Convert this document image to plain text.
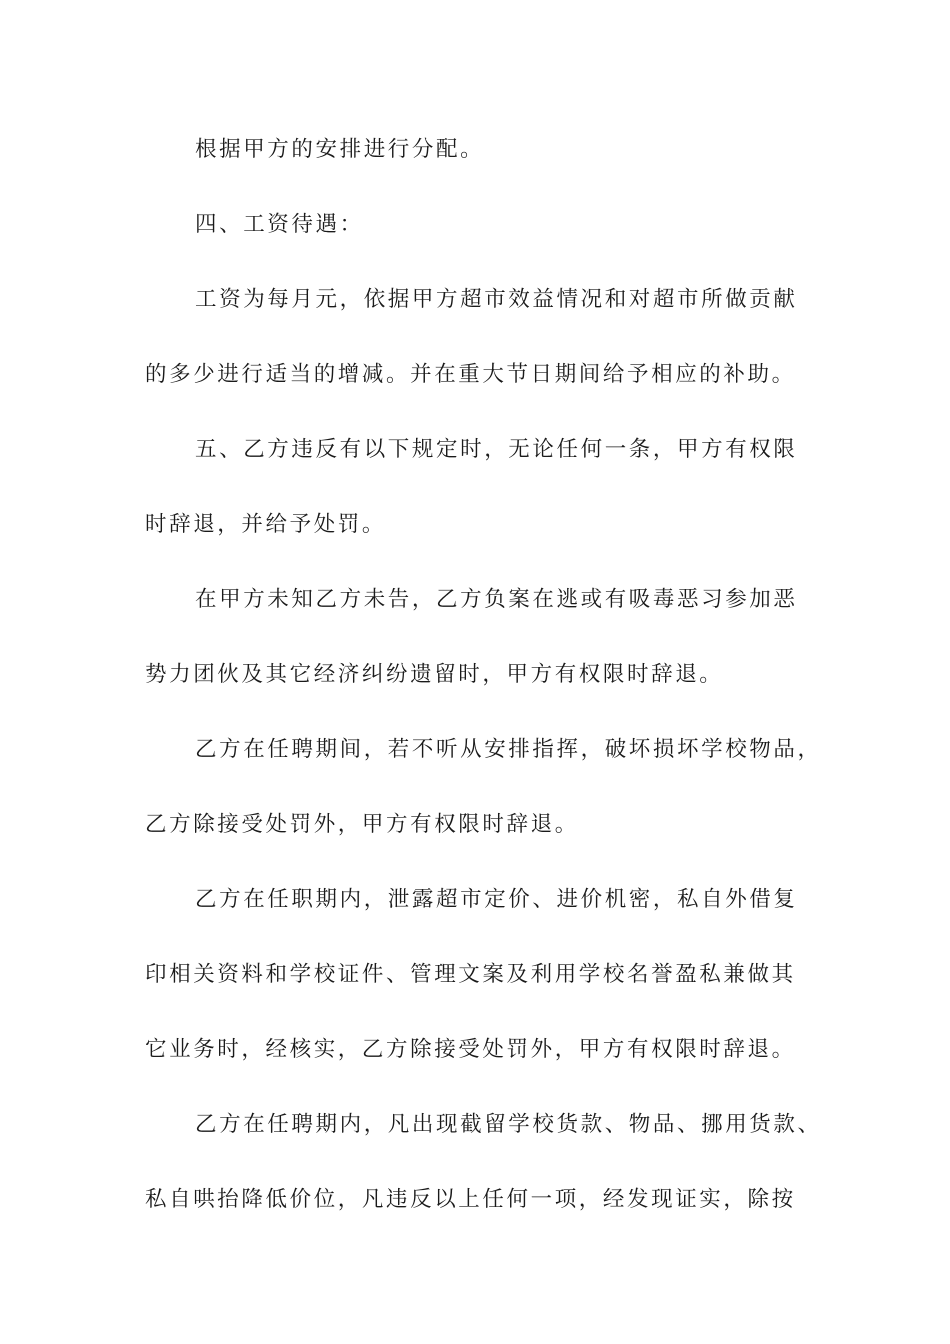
根据甲方的安排进行分配。
四、工资待遇：
工资为每月元，依据甲方超市效益情况和对超市所做贡献
的多少进行适当的增减。并在重大节日期间给予相应的补助。
五、乙方违反有以下规定时，无论任何一条，甲方有权限
时辞退，并给予处罚。
在甲方未知乙方未告，乙方负案在逃或有吸毒恶习参加恶
势力团伙及其它经济纠纷遗留时，甲方有权限时辞退。
乙方在任聘期间，若不听从安排指挥，破坏损坏学校物品，
乙方除接受处罚外，甲方有权限时辞退。
乙方在任职期内，泄露超市定价、进价机密，私自外借复
印相关资料和学校证件、管理文案及利用学校名誉盈私兼做其
它业务时，经核实，乙方除接受处罚外，甲方有权限时辞退。
乙方在任聘期内，凡出现截留学校货款、物品、挪用货款、
私自哄抬降低价位，凡违反以上任何一项，经发现证实，除按
